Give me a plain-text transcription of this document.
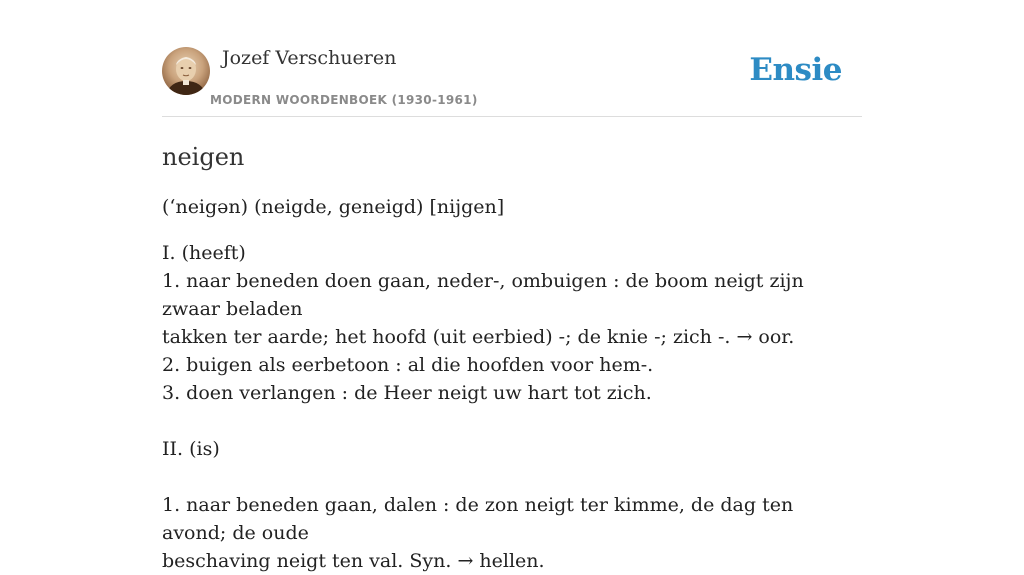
Jozef Verschueren
MODERN WOORDENBOEK (1930-1961)
Ensie
neigen
(‘neigən) (neigde, geneigd) [nijgen]
I. (heeft)
1. naar beneden doen gaan, neder-, ombuigen : de boom neigt zijn zwaar beladen
takken ter aarde; het hoofd (uit eerbied) -; de knie -; zich -. → oor.
2. buigen als eerbetoon : al die hoofden voor hem-.
3. doen verlangen : de Heer neigt uw hart tot zich.
II. (is)
1. naar beneden gaan, dalen : de zon neigt ter kimme, de dag ten avond; de oude
beschaving neigt ten val. Syn. → hellen.
